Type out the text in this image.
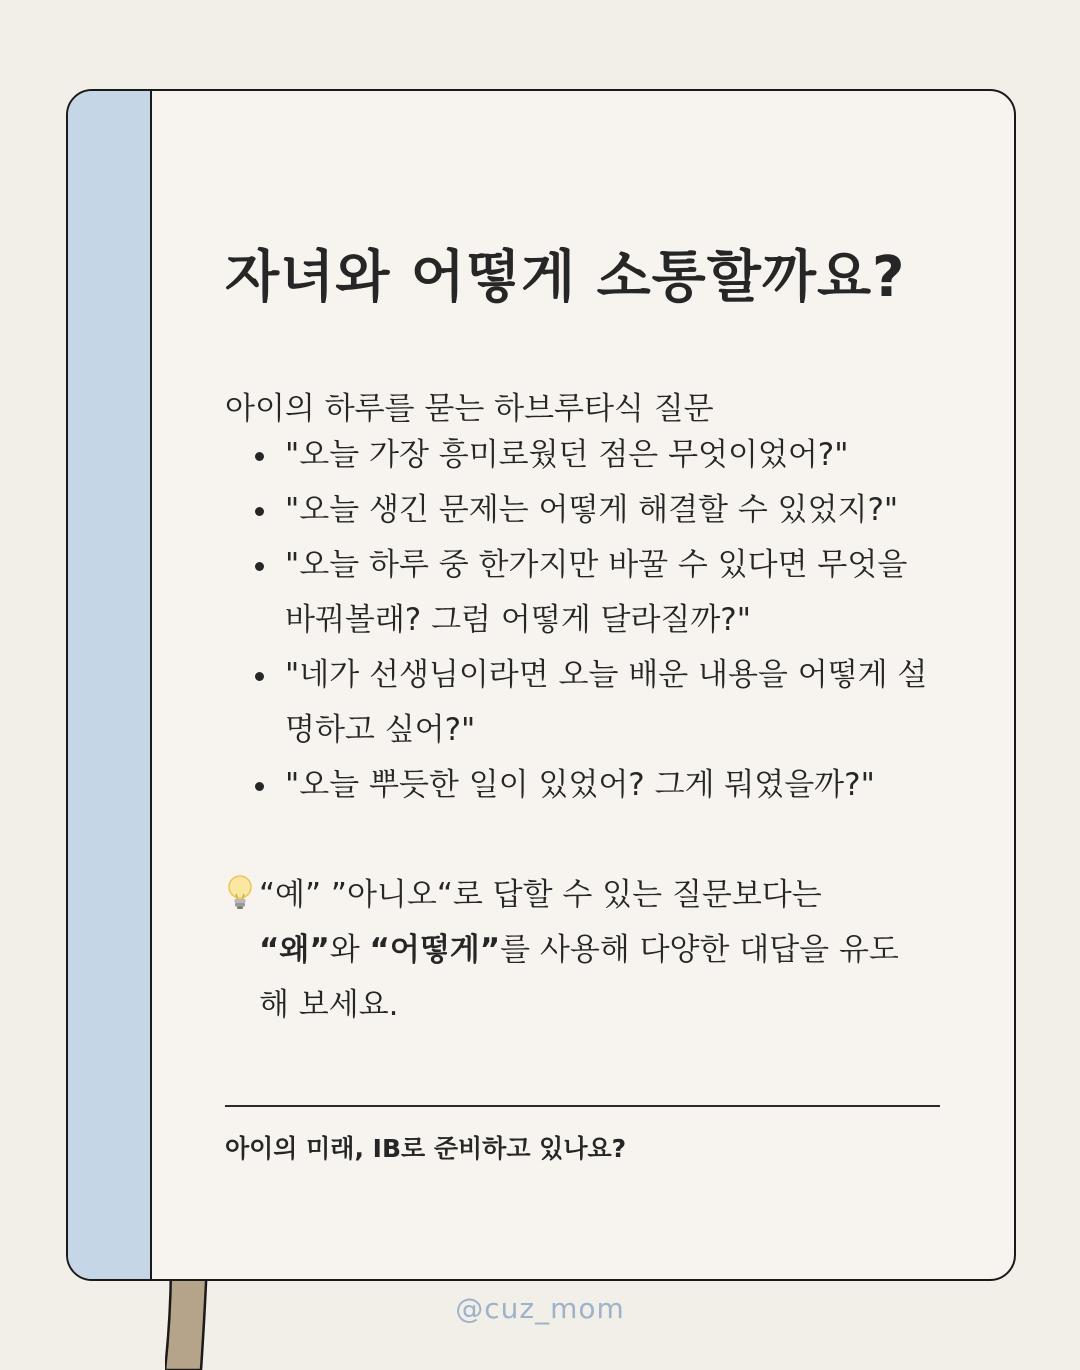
자녀와 어떻게 소통할까요?
아이의 하루를 묻는 하브루타식 질문
"오늘 가장 흥미로웠던 점은 무엇이었어?"
"오늘 생긴 문제는 어떻게 해결할 수 있었지?"
"오늘 하루 중 한가지만 바꿀 수 있다면 무엇을 바꿔볼래? 그럼 어떻게 달라질까?"
"네가 선생님이라면 오늘 배운 내용을 어떻게 설명하고 싶어?"
"오늘 뿌듯한 일이 있었어? 그게 뭐였을까?"
“예” ”아니오“로 답할 수 있는 질문보다는 “왜”와 “어떻게”를 사용해 다양한 대답을 유도해 보세요.
아이의 미래, IB로 준비하고 있나요?
@cuz_mom
